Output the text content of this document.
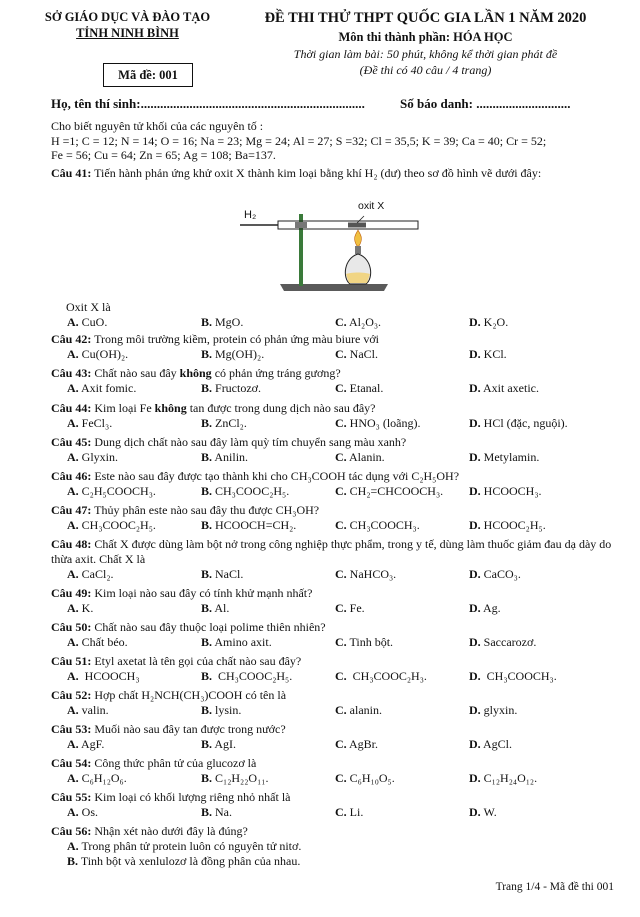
SỞ GIÁO DỤC VÀ ĐÀO TẠO
TỈNH NINH BÌNH
Mã đề: 001
ĐỀ THI THỬ THPT QUỐC GIA LẦN 1 NĂM 2020
Môn thi thành phần: HÓA HỌC
Thời gian làm bài: 50 phút, không kể thời gian phát đề
(Đề thi có 40 câu / 4 trang)
Họ, tên thí sinh:.....................................................................	Số báo danh: .............................
Cho biết nguyên tử khối của các nguyên tố :
H =1; C = 12; N = 14; O = 16; Na = 23; Mg = 24; Al = 27; S =32; Cl = 35,5; K = 39; Ca = 40; Cr = 52;
Fe = 56; Cu = 64; Zn = 65; Ag = 108; Ba=137.
Câu 41: Tiến hành phản ứng khử oxit X thành kim loại bằng khí H₂ (dư) theo sơ đồ hình vẽ dưới đây:
H₂
oxit X
Oxit X là
A. CuO.	B. MgO.	C. Al₂O₃.	D. K₂O.
Câu 42: Trong môi trường kiềm, protein có phản ứng màu biure với
A. Cu(OH)₂.	B. Mg(OH)₂.	C. NaCl.	D. KCl.
Câu 43: Chất nào sau đây không có phản ứng tráng gương?
A. Axit fomic.	B. Fructozơ.	C. Etanal.	D. Axit axetic.
Câu 44: Kim loại Fe không tan được trong dung dịch nào sau đây?
A. FeCl₃.	B. ZnCl₂.	C. HNO₃ (loãng).	D. HCl (đặc, nguội).
Câu 45: Dung dịch chất nào sau đây làm quỳ tím chuyển sang màu xanh?
A. Glyxin.	B. Anilin.	C. Alanin.	D. Metylamin.
Câu 46: Este nào sau đây được tạo thành khi cho CH₃COOH tác dụng với C₂H₅OH?
A. C₂H₅COOCH₃.	B. CH₃COOC₂H₅.	C. CH₂=CHCOOCH₃. D. HCOOCH₃.
Câu 47: Thủy phân este nào sau đây thu được CH₃OH?
A. CH₃COOC₂H₅.	B. HCOOCH=CH₂.	C. CH₃COOCH₃.	D. HCOOC₂H₅.
Câu 48: Chất X được dùng làm bột nở trong công nghiệp thực phẩm, trong y tế, dùng làm thuốc giảm đau dạ dày do thừa axit. Chất X là
A. CaCl₂.	B. NaCl.	C. NaHCO₃.	D. CaCO₃.
Câu 49: Kim loại nào sau đây có tính khử mạnh nhất?
A. K.	B. Al.	C. Fe.	D. Ag.
Câu 50: Chất nào sau đây thuộc loại polime thiên nhiên?
A. Chất béo.	B. Amino axit.	C. Tinh bột.	D. Saccarozơ.
Câu 51: Etyl axetat là tên gọi của chất nào sau đây?
A. HCOOCH₃	B. CH₃COOC₂H₅.	C. CH₃COOC₂H₃.	D. CH₃COOCH₃.
Câu 52: Hợp chất H₂NCH(CH₃)COOH có tên là
A. valin.	B. lysin.	C. alanin.	D. glyxin.
Câu 53: Muối nào sau đây tan được trong nước?
A. AgF.	B. AgI.	C. AgBr.	D. AgCl.
Câu 54: Công thức phân tử của glucozơ là
A. C₆H₁₂O₆.	B. C₁₂H₂₂O₁₁.	C. C₆H₁₀O₅.	D. C₁₂H₂₄O₁₂.
Câu 55: Kim loại có khối lượng riêng nhỏ nhất là
A. Os.	B. Na.	C. Li.	D. W.
Câu 56: Nhận xét nào dưới đây là đúng?
A. Trong phân tử protein luôn có nguyên tử nitơ.
B. Tinh bột và xenlulozơ là đồng phân của nhau.
Trang 1/4 - Mã đề thi 001
